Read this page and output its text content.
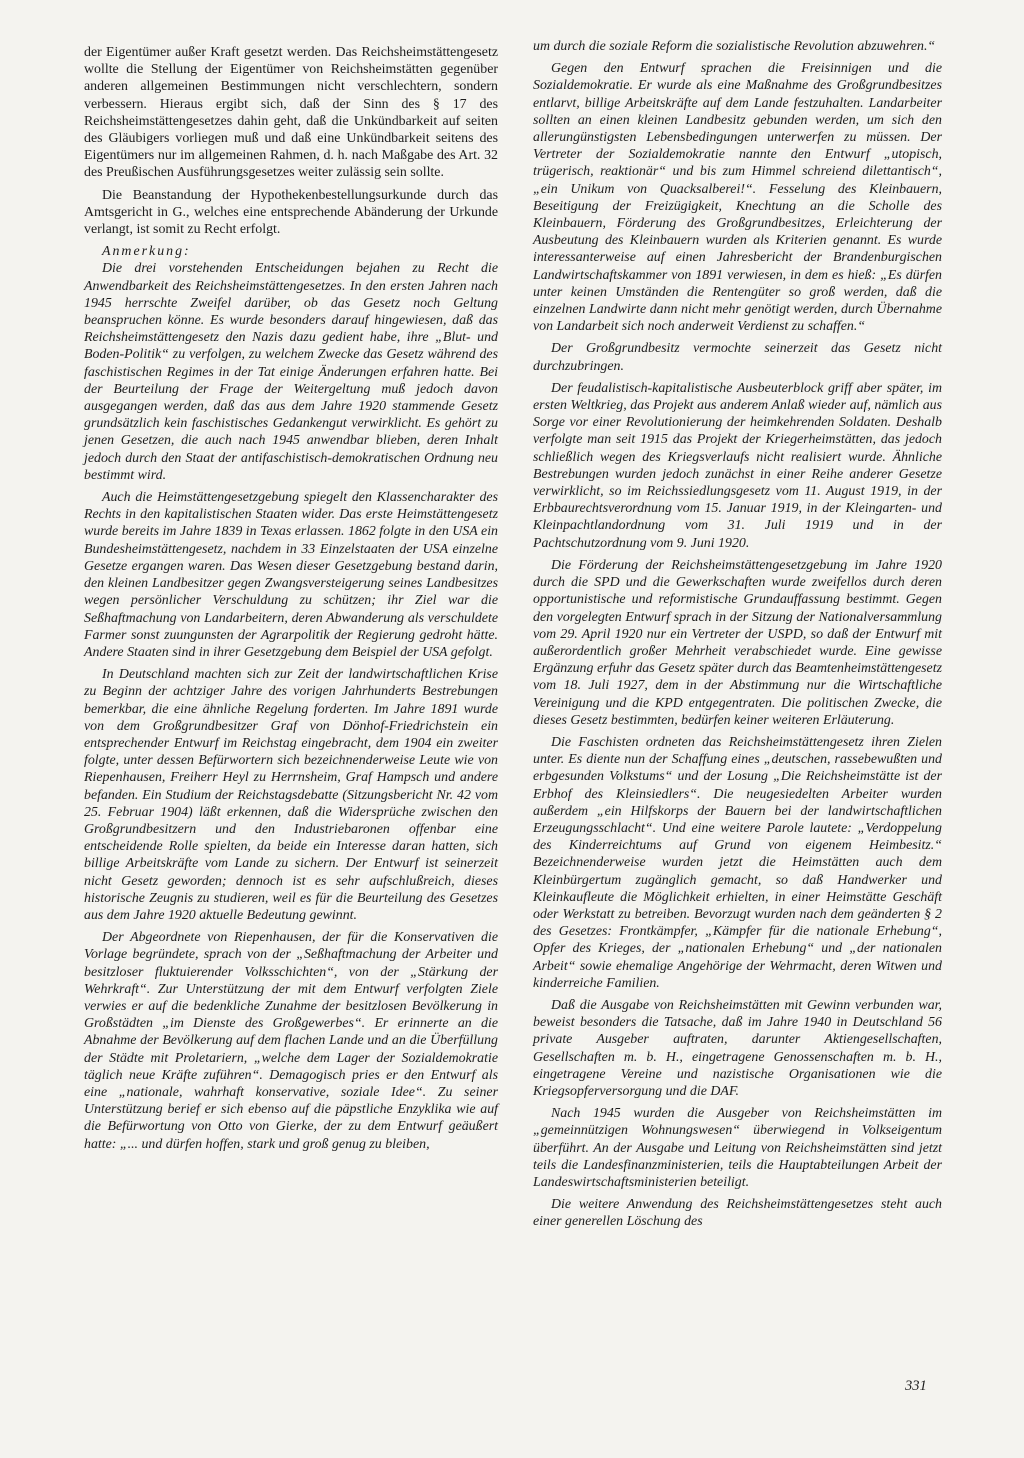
der Eigentümer außer Kraft gesetzt werden. Das Reichsheimstättengesetz wollte die Stellung der Eigentümer von Reichsheimstätten gegenüber anderen allgemeinen Bestimmungen nicht verschlechtern, sondern verbessern. Hieraus ergibt sich, daß der Sinn des § 17 des Reichsheimstättengesetzes dahin geht, daß die Unkündbarkeit auf seiten des Gläubigers vorliegen muß und daß eine Unkündbarkeit seitens des Eigentümers nur im allgemeinen Rahmen, d. h. nach Maßgabe des Art. 32 des Preußischen Ausführungsgesetzes weiter zulässig sein sollte.

Die Beanstandung der Hypothekenbestellungsurkunde durch das Amtsgericht in G., welches eine entsprechende Abänderung der Urkunde verlangt, ist somit zu Recht erfolgt.

Anmerkung:

Die drei vorstehenden Entscheidungen bejahen zu Recht die Anwendbarkeit des Reichsheimstättengesetzes. In den ersten Jahren nach 1945 herrschte Zweifel darüber, ob das Gesetz noch Geltung beanspruchen könne. Es wurde besonders darauf hingewiesen, daß das Reichsheimstättengesetz den Nazis dazu gedient habe, ihre „Blut- und Boden-Politik“ zu verfolgen, zu welchem Zwecke das Gesetz während des faschistischen Regimes in der Tat einige Änderungen erfahren hatte. Bei der Beurteilung der Frage der Weitergeltung muß jedoch davon ausgegangen werden, daß das aus dem Jahre 1920 stammende Gesetz grundsätzlich kein faschistisches Gedankengut verwirklicht. Es gehört zu jenen Gesetzen, die auch nach 1945 anwendbar blieben, deren Inhalt jedoch durch den Staat der antifaschistisch-demokratischen Ordnung neu bestimmt wird.

Auch die Heimstättengesetzgebung spiegelt den Klassencharakter des Rechts in den kapitalistischen Staaten wider. Das erste Heimstättengesetz wurde bereits im Jahre 1839 in Texas erlassen. 1862 folgte in den USA ein Bundesheimstättengesetz, nachdem in 33 Einzelstaaten der USA einzelne Gesetze ergangen waren. Das Wesen dieser Gesetzgebung bestand darin, den kleinen Landbesitzer gegen Zwangsversteigerung seines Landbesitzes wegen persönlicher Verschuldung zu schützen; ihr Ziel war die Seßhaftmachung von Landarbeitern, deren Abwanderung als verschuldete Farmer sonst zuungunsten der Agrarpolitik der Regierung gedroht hätte. Andere Staaten sind in ihrer Gesetzgebung dem Beispiel der USA gefolgt.

In Deutschland machten sich zur Zeit der landwirtschaftlichen Krise zu Beginn der achtziger Jahre des vorigen Jahrhunderts Bestrebungen bemerkbar, die eine ähnliche Regelung forderten. Im Jahre 1891 wurde von dem Großgrundbesitzer Graf von Dönhof-Friedrichstein ein entsprechender Entwurf im Reichstag eingebracht, dem 1904 ein zweiter folgte, unter dessen Befürwortern sich bezeichnenderweise Leute wie von Riepenhausen, Freiherr Heyl zu Herrnsheim, Graf Hampsch und andere befanden. Ein Studium der Reichstagsdebatte (Sitzungsbericht Nr. 42 vom 25. Februar 1904) läßt erkennen, daß die Widersprüche zwischen den Großgrundbesitzern und den Industriebaronen offenbar eine entscheidende Rolle spielten, da beide ein Interesse daran hatten, sich billige Arbeitskräfte vom Lande zu sichern. Der Entwurf ist seinerzeit nicht Gesetz geworden; dennoch ist es sehr aufschlußreich, dieses historische Zeugnis zu studieren, weil es für die Beurteilung des Gesetzes aus dem Jahre 1920 aktuelle Bedeutung gewinnt.

Der Abgeordnete von Riepenhausen, der für die Konservativen die Vorlage begründete, sprach von der „Seßhaftmachung der Arbeiter und besitzloser fluktuierender Volksschichten“, von der „Stärkung der Wehrkraft“. Zur Unterstützung der mit dem Entwurf verfolgten Ziele verwies er auf die bedenkliche Zunahme der besitzlosen Bevölkerung in Großstädten „im Dienste des Großgewerbes“. Er erinnerte an die Abnahme der Bevölkerung auf dem flachen Lande und an die Überfüllung der Städte mit Proletariern, „welche dem Lager der Sozialdemokratie täglich neue Kräfte zuführen“. Demagogisch pries er den Entwurf als eine „nationale, wahrhaft konservative, soziale Idee“. Zu seiner Unterstützung berief er sich ebenso auf die päpstliche Enzyklika wie auf die Befürwortung von Otto von Gierke, der zu dem Entwurf geäußert hatte: „... und dürfen hoffen, stark und groß genug zu bleiben,

um durch die soziale Reform die sozialistische Revolution abzuwehren.“

Gegen den Entwurf sprachen die Freisinnigen und die Sozialdemokratie. Er wurde als eine Maßnahme des Großgrundbesitzes entlarvt, billige Arbeitskräfte auf dem Lande festzuhalten. Landarbeiter sollten an einen kleinen Landbesitz gebunden werden, um sich den allerungünstigsten Lebensbedingungen unterwerfen zu müssen. Der Vertreter der Sozialdemokratie nannte den Entwurf „utopisch, trügerisch, reaktionär“ und bis zum Himmel schreiend dilettantisch“, „ein Unikum von Quacksalberei!“. Fesselung des Kleinbauern, Beseitigung der Freizügigkeit, Knechtung an die Scholle des Kleinbauern, Förderung des Großgrundbesitzes, Erleichterung der Ausbeutung des Kleinbauern wurden als Kriterien genannt. Es wurde interessanterweise auf einen Jahresbericht der Brandenburgischen Landwirtschaftskammer von 1891 verwiesen, in dem es hieß: „Es dürfen unter keinen Umständen die Rentengüter so groß werden, daß die einzelnen Landwirte dann nicht mehr genötigt werden, durch Übernahme von Landarbeit sich noch anderweit Verdienst zu schaffen.“

Der Großgrundbesitz vermochte seinerzeit das Gesetz nicht durchzubringen.

Der feudalistisch-kapitalistische Ausbeuterblock griff aber später, im ersten Weltkrieg, das Projekt aus anderem Anlaß wieder auf, nämlich aus Sorge vor einer Revolutionierung der heimkehrenden Soldaten. Deshalb verfolgte man seit 1915 das Projekt der Kriegerheimstätten, das jedoch schließlich wegen des Kriegsverlaufs nicht realisiert wurde. Ähnliche Bestrebungen wurden jedoch zunächst in einer Reihe anderer Gesetze verwirklicht, so im Reichssiedlungsgesetz vom 11. August 1919, in der Erbbaurechtsverordnung vom 15. Januar 1919, in der Kleingarten- und Kleinpachtlandordnung vom 31. Juli 1919 und in der Pachtschutzordnung vom 9. Juni 1920.

Die Förderung der Reichsheimstättengesetzgebung im Jahre 1920 durch die SPD und die Gewerkschaften wurde zweifellos durch deren opportunistische und reformistische Grundauffassung bestimmt. Gegen den vorgelegten Entwurf sprach in der Sitzung der Nationalversammlung vom 29. April 1920 nur ein Vertreter der USPD, so daß der Entwurf mit außerordentlich großer Mehrheit verabschiedet wurde. Eine gewisse Ergänzung erfuhr das Gesetz später durch das Beamtenheimstättengesetz vom 18. Juli 1927, dem in der Abstimmung nur die Wirtschaftliche Vereinigung und die KPD entgegentraten. Die politischen Zwecke, die dieses Gesetz bestimmten, bedürfen keiner weiteren Erläuterung.

Die Faschisten ordneten das Reichsheimstättengesetz ihren Zielen unter. Es diente nun der Schaffung eines „deutschen, rassebewußten und erbgesunden Volkstums“ und der Losung „Die Reichsheimstätte ist der Erbhof des Kleinsiedlers“. Die neugesiedelten Arbeiter wurden außerdem „ein Hilfskorps der Bauern bei der landwirtschaftlichen Erzeugungsschlacht“. Und eine weitere Parole lautete: „Verdoppelung des Kinderreichtums auf Grund von eigenem Heimbesitz.“ Bezeichnenderweise wurden jetzt die Heimstätten auch dem Kleinbürgertum zugänglich gemacht, so daß Handwerker und Kleinkaufleute die Möglichkeit erhielten, in einer Heimstätte Geschäft oder Werkstatt zu betreiben. Bevorzugt wurden nach dem geänderten § 2 des Gesetzes: Frontkämpfer, „Kämpfer für die nationale Erhebung“, Opfer des Krieges, der „nationalen Erhebung“ und „der nationalen Arbeit“ sowie ehemalige Angehörige der Wehrmacht, deren Witwen und kinderreiche Familien.

Daß die Ausgabe von Reichsheimstätten mit Gewinn verbunden war, beweist besonders die Tatsache, daß im Jahre 1940 in Deutschland 56 private Ausgeber auftraten, darunter Aktiengesellschaften, Gesellschaften m. b. H., eingetragene Genossenschaften m. b. H., eingetragene Vereine und nazistische Organisationen wie die Kriegsopferversorgung und die DAF.

Nach 1945 wurden die Ausgeber von Reichsheimstätten im „gemeinnützigen Wohnungswesen“ überwiegend in Volkseigentum überführt. An der Ausgabe und Leitung von Reichsheimstätten sind jetzt teils die Landesfinanzministerien, teils die Hauptabteilungen Arbeit der Landeswirtschaftsministerien beteiligt.

Die weitere Anwendung des Reichsheimstättengesetzes steht auch einer generellen Löschung des

331
